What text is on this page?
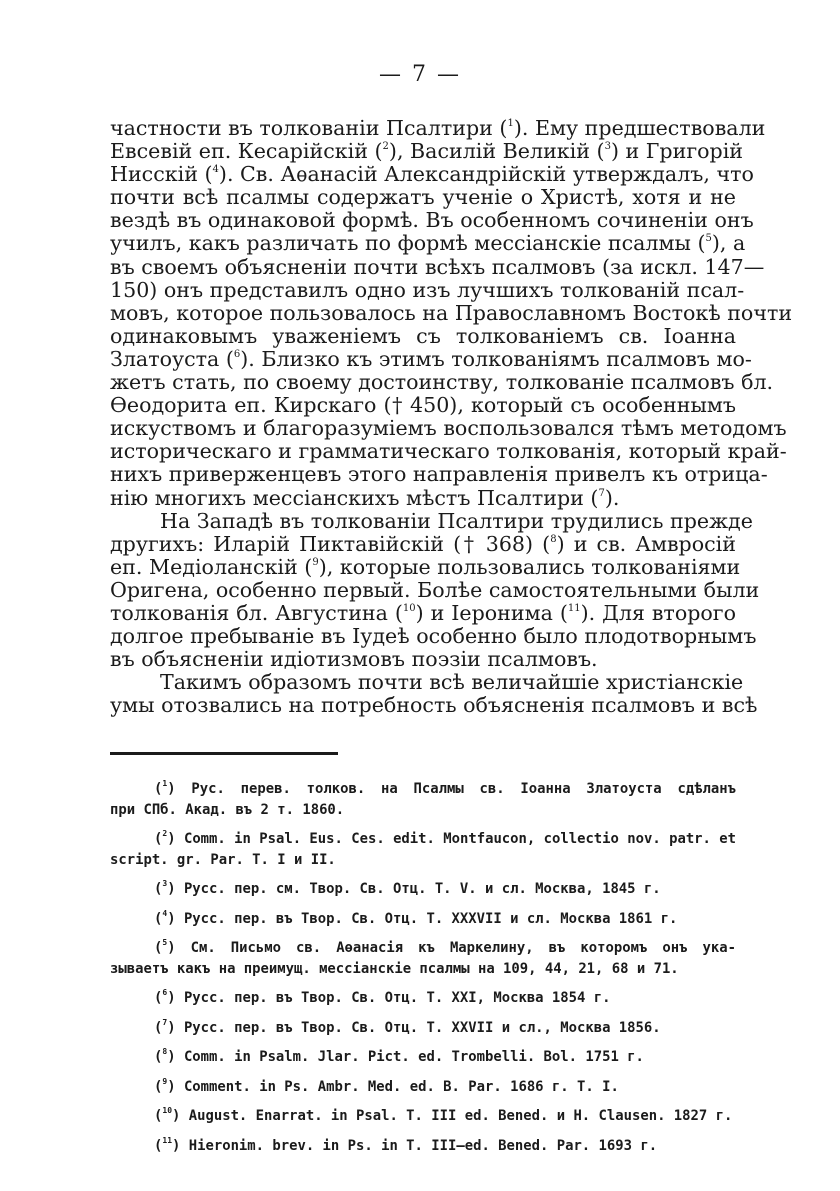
— 7 —
частности въ толкованіи Псалтири ($^1$). Ему предшествовали
Евсевій еп. Кесарійскій ($^2$), Василій Великій ($^3$) и Григорій
Нисскій ($^4$). Св. Аѳанасій Александрійскій утверждалъ, что
почти всѣ псалмы содержатъ ученіе о Христѣ, хотя и не
вездѣ въ одинаковой формѣ. Въ особенномъ сочиненіи онъ
училъ, какъ различать по формѣ мессіанскіе псалмы ($^5$), а
въ своемъ объясненіи почти всѣхъ псалмовъ (за искл. 147—
150) онъ представилъ одно изъ лучшихъ толкованій псал-
мовъ, которое пользовалось на Православномъ Востокѣ почти
одинаковымъ уваженіемъ съ толкованіемъ св. Іоанна
Златоуста ($^6$). Близко къ этимъ толкованіямъ псалмовъ мо-
жетъ стать, по своему достоинству, толкованіе псалмовъ бл.
Ѳеодорита еп. Кирскаго († 450), который съ особеннымъ
искуствомъ и благоразуміемъ воспользовался тѣмъ методомъ
историческаго и грамматическаго толкованія, который край-
нихъ приверженцевъ этого направленія привелъ къ отрица-
нію многихъ мессіанскихъ мѣстъ Псалтири ($^7$).
На Западѣ въ толкованіи Псалтири трудились прежде
другихъ: Иларій Пиктавійскій († 368) ($^8$) и св. Амвросій
еп. Медіоланскій ($^9$), которые пользовались толкованіями
Оригена, особенно первый. Болѣе самостоятельными были
толкованія бл. Августина ($^{10}$) и Іеронима ($^{11}$). Для второго
долгое пребываніе въ Іудеѣ особенно было плодотворнымъ
въ объясненіи идіотизмовъ поэзіи псалмовъ.
Такимъ образомъ почти всѣ величайшіе христіанскіе
умы отозвались на потребность объясненія псалмовъ и всѣ
($^1$) Рус. перев. толков. на Псалмы св. Іоанна Златоуста сдѣланъ
при СПб. Акад. въ 2 т. 1860.
($^2$) Comm. in Psal. Eus. Ces. edit. Montfaucon, collectio nov. patr. et
script. gr. Par. T. I и II.
($^3$) Русс. пер. см. Твор. Св. Отц. Т. V. и сл. Москва, 1845 г.
($^4$) Русс. пер. въ Твор. Св. Отц. Т. XXXVII и сл. Москва 1861 г.
($^5$) См. Письмо св. Аѳанасія къ Маркелину, въ которомъ онъ ука-
зываетъ какъ на преимущ. мессіанскіе псалмы на 109, 44, 21, 68 и 71.
($^6$) Русс. пер. въ Твор. Св. Отц. Т. XXI, Москва 1854 г.
($^7$) Русс. пер. въ Твор. Св. Отц. Т. XXVII и сл., Москва 1856.
($^8$) Comm. in Psalm. Jlar. Pict. ed. Trombelli. Bol. 1751 г.
($^9$) Comment. in Ps. Ambr. Med. ed. B. Par. 1686 г. Т. I.
($^{10}$) August. Enarrat. in Psal. T. III ed. Bened. и H. Clausen. 1827 г.
($^{11}$) Hieronim. brev. in Ps. in T. III—ed. Bened. Par. 1693 г.
